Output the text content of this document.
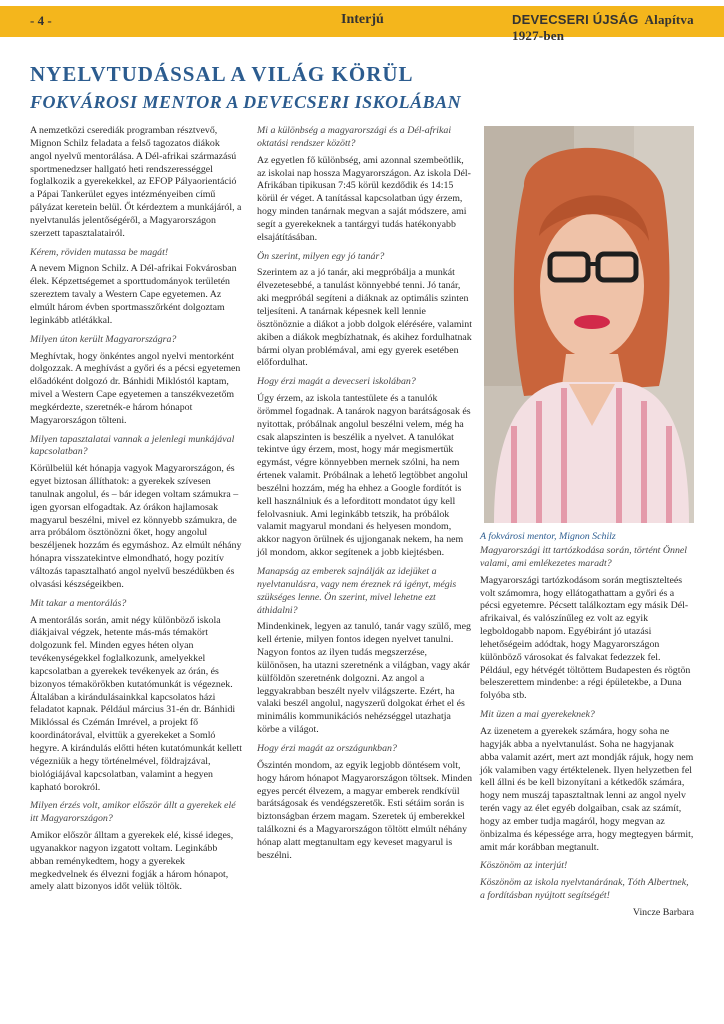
- 4 -	Interjú	DEVECSERI ÚJSÁG Alapítva 1927-ben
NYELVTUDÁSSAL A VILÁG KÖRÜL
FOKVÁROSI MENTOR A DEVECSERI ISKOLÁBAN

A nemzetközi cserediák programban résztvevő, Mignon Schilz feladata a felső tagozatos diákok angol nyelvű mentorálása. A Dél-afrikai származású sportmenedzser hallgató heti rendszerességgel foglalkozik a gyerekekkel, az EFOP Pályaorientáció a Pápai Tankerület egyes intézményeiben című pályázat keretein belül. Őt kérdeztem a munkájáról, a nyelvtanulás jelentőségéről, a Magyarországon szerzett tapasztalatairól.

Kérem, röviden mutassa be magát!

A nevem Mignon Schilz. A Dél-afrikai Fokvárosban élek. Képzettségemet a sporttudományok területén szereztem tavaly a Western Cape egyetemen. Az elmúlt három évben sportmasszőrként dolgoztam leginkább atlétákkal.

Milyen úton került Magyarországra?

Meghívtak, hogy önkéntes angol nyelvi mentorként dolgozzak. A meghívást a győri és a pécsi egyetemen előadóként dolgozó dr. Bánhidi Miklóstól kaptam, mivel a Western Cape egyetemen a tanszékvezetőm megkérdezte, szeretnék-e három hónapot Magyarországon tölteni.

Milyen tapasztalatai vannak a jelenlegi munkájával kapcsolatban?

Körülbelül két hónapja vagyok Magyarországon, és egyet biztosan állíthatok: a gyerekek szívesen tanulnak angolul, és – bár idegen voltam számukra – igen gyorsan elfogadtak. Az órákon hajlamosak magyarul beszélni, mivel ez könnyebb számukra, de arra próbálom ösztönözni őket, hogy angolul beszéljenek hozzám és egymáshoz. Az elmúlt néhány hónapra visszatekintve elmondható, hogy pozitív változás tapasztalható angol nyelvű beszédükben és olvasási készségeikben.

Mit takar a mentorálás?

A mentorálás során, amit négy különböző iskola diákjaival végzek, hetente más-más témakört dolgozunk fel. Minden egyes héten olyan tevékenységekkel foglalkozunk, amelyekkel kapcsolatban a gyerekek tevékenyek az órán, és bizonyos témakörökben kutatómunkát is végeznek. Általában a kirándulásainkkal kapcsolatos házi feladatot kapnak. Például március 31-én dr. Bánhidi Miklóssal és Czémán Imrével, a projekt fő koordinátorával, elvittük a gyerekeket a Somló hegyre. A kirándulás előtti héten kutatómunkát kellett végezniük a hegy történelmével, földrajzával, biológiájával kapcsolatban, valamint a hegyen kapható borokról.

Milyen érzés volt, amikor először állt a gyerekek elé itt Magyarországon?

Amikor először álltam a gyerekek elé, kissé ideges, ugyanakkor nagyon izgatott voltam. Leginkább abban reménykedtem, hogy a gyerekek megkedvelnek és élvezni fogják a három hónapot, amely alatt bizonyos időt velük töltök.

Mi a különbség a magyarországi és a Dél-afrikai oktatási rendszer között?

Az egyetlen fő különbség, ami azonnal szembeötlik, az iskolai nap hossza Magyarországon. Az iskola Dél-Afrikában tipikusan 7:45 körül kezdődik és 14:15 körül ér véget. A tanítással kapcsolatban úgy érzem, hogy minden tanárnak megvan a saját módszere, ami segít a gyerekeknek a tantárgyi tudás hatékonyabb elsajátításában.

Ön szerint, milyen egy jó tanár?

Szerintem az a jó tanár, aki megpróbálja a munkát élvezetesebbé, a tanulást könnyebbé tenni. Jó tanár, aki megpróbál segíteni a diáknak az optimális szinten teljesíteni. A tanárnak képesnek kell lennie ösztönöznie a diákot a jobb dolgok elérésére, valamint akiben a diákok megbízhatnak, és akihez fordulhatnak bármi olyan problémával, ami egy gyerek esetében előfordulhat.

Hogy érzi magát a devecseri iskolában?

Úgy érzem, az iskola tantestülete és a tanulók örömmel fogadnak. A tanárok nagyon barátságosak és nyitottak, próbálnak angolul beszélni velem, még ha csak alapszinten is beszélik a nyelvet. A tanulókat tekintve úgy érzem, most, hogy már megismertük egymást, végre könnyebben mernek szólni, ha nem értenek valamit. Próbálnak a lehető legtöbbet angolul beszélni hozzám, még ha ehhez a Google fordítót is kell használniuk és a leforditott mondatot úgy kell felolvasniuk. Ami leginkább tetszik, ha próbálok valamit magyarul mondani és helyesen mondom, akkor nagyon örülnek és ujjonganak nekem, ha nem jól mondom, akkor segítenek a jobb kiejtésben.

Manapság az emberek sajnálják az idejüket a nyelvtanulásra, vagy nem éreznek rá igényt, mégis szükséges lenne. Ön szerint, mivel lehetne ezt áthidalni?

Mindenkinek, legyen az tanuló, tanár vagy szülő, meg kell értenie, milyen fontos idegen nyelvet tanulni. Nagyon fontos az ilyen tudás megszerzése, különösen, ha utazni szeretnénk a világban, vagy akár külföldön szeretnénk dolgozni. Az angol a leggyakrabban beszélt nyelv világszerte. Ezért, ha valaki beszél angolul, nagyszerű dolgokat érhet el és minimális kommunikációs nehézséggel utazhatja körbe a világot.

Hogy érzi magát az országunkban?

Őszintén mondom, az egyik legjobb döntésem volt, hogy három hónapot Magyarországon töltsek. Minden egyes percét élvezem, a magyar emberek rendkívül barátságosak és vendégszeretők. Esti sétáim során is biztonságban érzem magam. Szeretek új emberekkel találkozni és a Magyarországon töltött elmúlt néhány hónap alatt megtanultam egy keveset magyarul is beszélni.

A fokvárosi mentor, Mignon Schilz

Magyarországi itt tartózkodása során, történt Önnel valami, ami emlékezetes maradt?

Magyarországi tartózkodásom során megtisztelteés volt számomra, hogy ellátogathattam a győri és a pécsi egyetemre. Pécsett találkoztam egy másik Dél-afrikaival, és valószínűleg ez volt az egyik legboldogabb napom. Egyébiránt jó utazási lehetőségeim adódtak, hogy Magyarországon különböző városokat és falvakat fedezzek fel. Például, egy hétvégét töltöttem Budapesten és rögtön beleszerettem mindenbe: a régi épületekbe, a Duna folyóba stb.

Mit üzen a mai gyerekeknek?

Az üzenetem a gyerekek számára, hogy soha ne hagyják abba a nyelvtanulást. Soha ne hagyjanak abba valamit azért, mert azt mondják rájuk, hogy nem jók valamiben vagy értéktelenek. Ilyen helyzetben fel kell állni és be kell bizonyítani a kétkedők számára, hogy nem muszáj tapasztaltnak lenni az angol nyelv terén vagy az élet egyéb dolgaiban, csak az számít, hogy az ember tudja magáról, hogy megvan az önbizalma és képessége arra, hogy megtegyen bármit, amit már korábban megtanult.

Köszönöm az interjút!

Köszönöm az iskola nyelvtanárának, Tóth Albertnek, a fordításban nyújtott segítségét!

Vincze Barbara
